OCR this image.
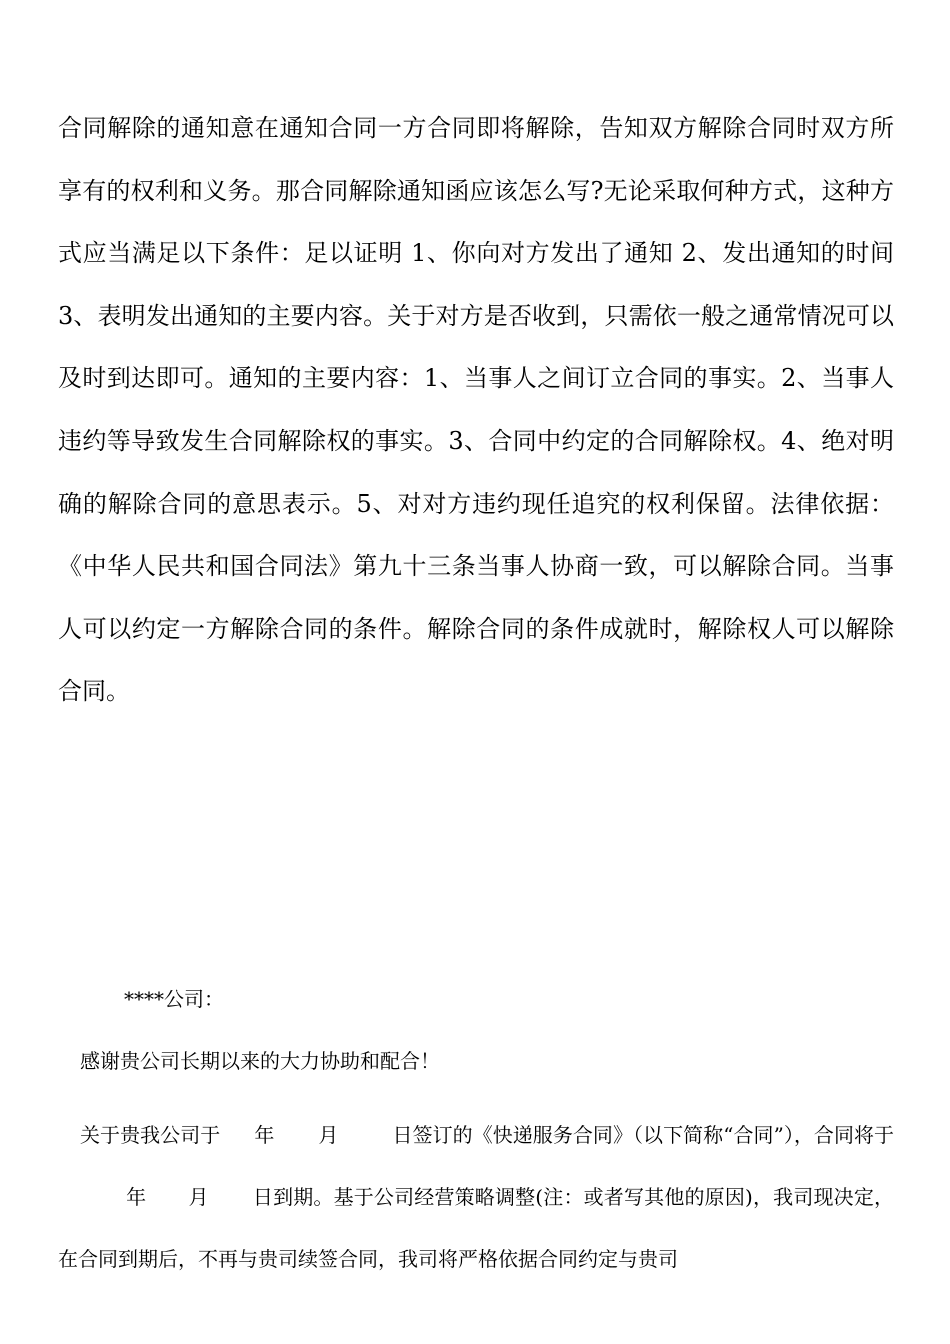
合同解除的通知意在通知合同一方合同即将解除，告知双方解除合同时双方所享有的权利和义务。那合同解除通知函应该怎么写?无论采取何种方式，这种方式应当满足以下条件：足以证明 1、你向对方发出了通知 2、发出通知的时间 3、表明发出通知的主要内容。关于对方是否收到，只需依一般之通常情况可以及时到达即可。通知的主要内容：1、当事人之间订立合同的事实。2、当事人违约等导致发生合同解除权的事实。3、合同中约定的合同解除权。4、绝对明确的解除合同的意思表示。5、对对方违约现任追究的权利保留。法律依据：《中华人民共和国合同法》第九十三条当事人协商一致，可以解除合同。当事人可以约定一方解除合同的条件。解除合同的条件成就时，解除权人可以解除合同。

****公司：

感谢贵公司长期以来的大力协助和配合！

关于贵我公司于 年 月	日签订的《快递服务合同》（以下简称“合同”），合同将于年 月 日到期。基于公司经营策略调整(注：或者写其他的原因)，我司现决定，在合同到期后，不再与贵司续签合同，我司将严格依据合同约定与贵司
